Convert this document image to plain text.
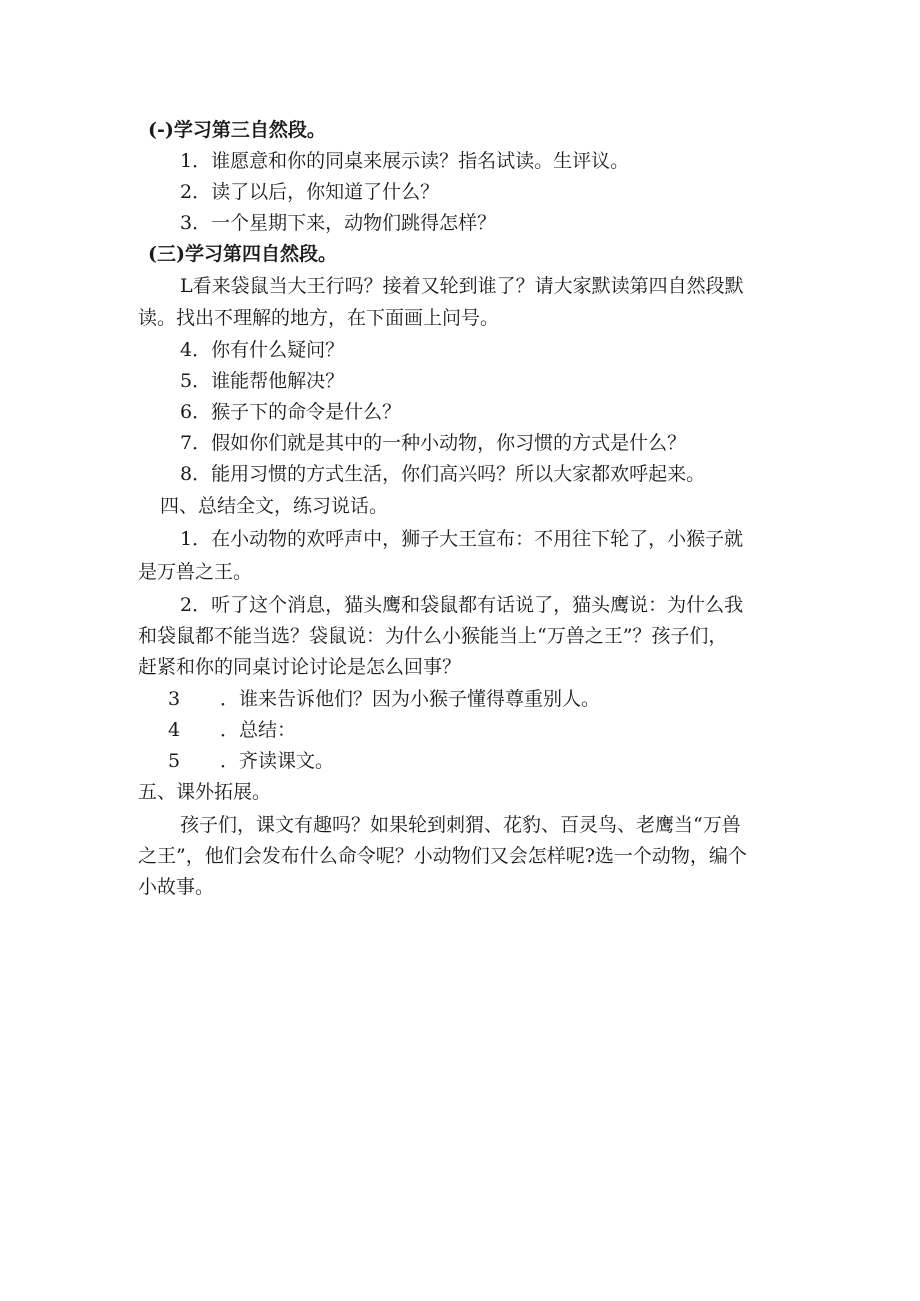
(-)学习第三自然段。
1．谁愿意和你的同桌来展示读？指名试读。生评议。
2．读了以后，你知道了什么？
3．一个星期下来，动物们跳得怎样？
(三)学习第四自然段。
L看来袋鼠当大王行吗？接着又轮到谁了？请大家默读第四自然段默
读。找出不理解的地方，在下面画上问号。
4．你有什么疑问？
5．谁能帮他解决？
6．猴子下的命令是什么？
7．假如你们就是其中的一种小动物，你习惯的方式是什么？
8．能用习惯的方式生活，你们高兴吗？所以大家都欢呼起来。
四、总结全文，练习说话。
1．在小动物的欢呼声中，狮子大王宣布：不用往下轮了，小猴子就
是万兽之王。
2．听了这个消息，猫头鹰和袋鼠都有话说了，猫头鹰说：为什么我
和袋鼠都不能当选？袋鼠说：为什么小猴能当上“万兽之王”？孩子们，
赶紧和你的同桌讨论讨论是怎么回事？
3 ．谁来告诉他们？因为小猴子懂得尊重别人。
4 ．总结：
5 ．齐读课文。
五、课外拓展。
孩子们，课文有趣吗？如果轮到刺猬、花豹、百灵鸟、老鹰当“万兽
之王”，他们会发布什么命令呢？小动物们又会怎样呢?选一个动物，编个
小故事。
